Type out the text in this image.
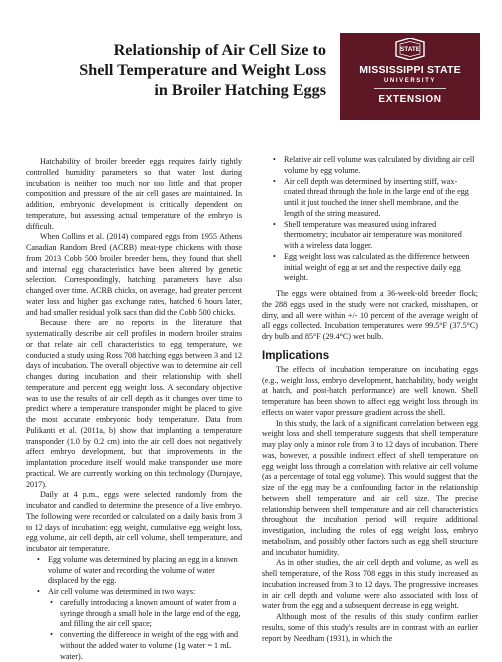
Relationship of Air Cell Size to
Shell Temperature and Weight Loss
in Broiler Hatching Eggs
STATE
MISSISSIPPI STATE
UNIVERSITY
EXTENSION

Hatchability of broiler breeder eggs requires fairly tightly controlled humidity parameters so that water lost during incubation is neither too much nor too little and that proper composition and pressure of the air cell gases are maintained. In addition, embryonic development is critically dependent on temperature, but assessing actual temperature of the embryo is difficult.

When Collins et al. (2014) compared eggs from 1955 Athens Canadian Random Bred (ACRB) meat-type chickens with those from 2013 Cobb 500 broiler breeder hens, they found that shell and internal egg characteristics have been altered by genetic selection. Correspondingly, hatching parameters have also changed over time. ACRB chicks, on average, had greater percent water loss and higher gas exchange rates, hatched 6 hours later, and had smaller residual yolk sacs than did the Cobb 500 chicks.

Because there are no reports in the literature that systematically describe air cell profiles in modern broiler strains or that relate air cell characteristics to egg temperature, we conducted a study using Ross 708 hatching eggs between 3 and 12 days of incubation. The overall objective was to determine air cell changes during incubation and their relationship with shell temperature and percent egg weight loss. A secondary objective was to use the results of air cell depth as it changes over time to predict where a temperature transponder might be placed to give the most accurate embryonic body temperature. Data from Pulikanti et al. (2011a, b) show that implanting a temperature transponder (1.0 by 0.2 cm) into the air cell does not negatively affect embryo development, but that improvements in the implantation procedure itself would make transponder use more practical. We are currently working on this technology (Durojaye, 2017).

Daily at 4 p.m., eggs were selected randomly from the incubator and candled to determine the presence of a live embryo. The following were recorded or calculated on a daily basis from 3 to 12 days of incubation: egg weight, cumulative egg weight loss, egg volume, air cell depth, air cell volume, shell temperature, and incubator air temperature.

• Egg volume was determined by placing an egg in a known volume of water and recording the volume of water displaced by the egg.
• Air cell volume was determined in two ways:
• carefully introducing a known amount of water from a syringe through a small hole in the large end of the egg, and filling the air cell space;
• converting the difference in weight of the egg with and without the added water to volume (1g water = 1 mL water).
• Relative air cell volume was calculated by dividing air cell volume by egg volume.
• Air cell depth was determined by inserting stiff, wax-coated thread through the hole in the large end of the egg until it just touched the inner shell membrane, and the length of the string measured.
• Shell temperature was measured using infrared thermometry; incubator air temperature was monitored with a wireless data logger.
• Egg weight loss was calculated as the difference between initial weight of egg at set and the respective daily egg weight.

The eggs were obtained from a 36-week-old breeder flock; the 288 eggs used in the study were not cracked, misshapen, or dirty, and all were within +/- 10 percent of the average weight of all eggs collected. Incubation temperatures were 99.5°F (37.5°C) dry bulb and 85°F (29.4°C) wet bulb.

Implications

The effects of incubation temperature on incubating eggs (e.g., weight loss, embryo development, hatchability, body weight at hatch, and post-hatch performance) are well known. Shell temperature has been shown to affect egg weight loss through its effects on water vapor pressure gradient across the shell.

In this study, the lack of a significant correlation between egg weight loss and shell temperature suggests that shell temperature may play only a minor role from 3 to 12 days of incubation. There was, however, a possible indirect effect of shell temperature on egg weight loss through a correlation with relative air cell volume (as a percentage of total egg volume). This would suggest that the size of the egg may be a confounding factor in the relationship between shell temperature and air cell size. The precise relationship between shell temperature and air cell characteristics throughout the incubation period will require additional investigation, including the roles of egg weight loss, embryo metabolism, and possibly other factors such as egg shell structure and incubator humidity.

As in other studies, the air cell depth and volume, as well as shell temperature, of the Ross 708 eggs in this study increased as incubation increased from 3 to 12 days. The progressive increases in air cell depth and volume were also associated with loss of water from the egg and a subsequent decrease in egg weight.

Although most of the results of this study confirm earlier results, some of this study's results are in contrast with an earlier report by Needham (1931), in which the
